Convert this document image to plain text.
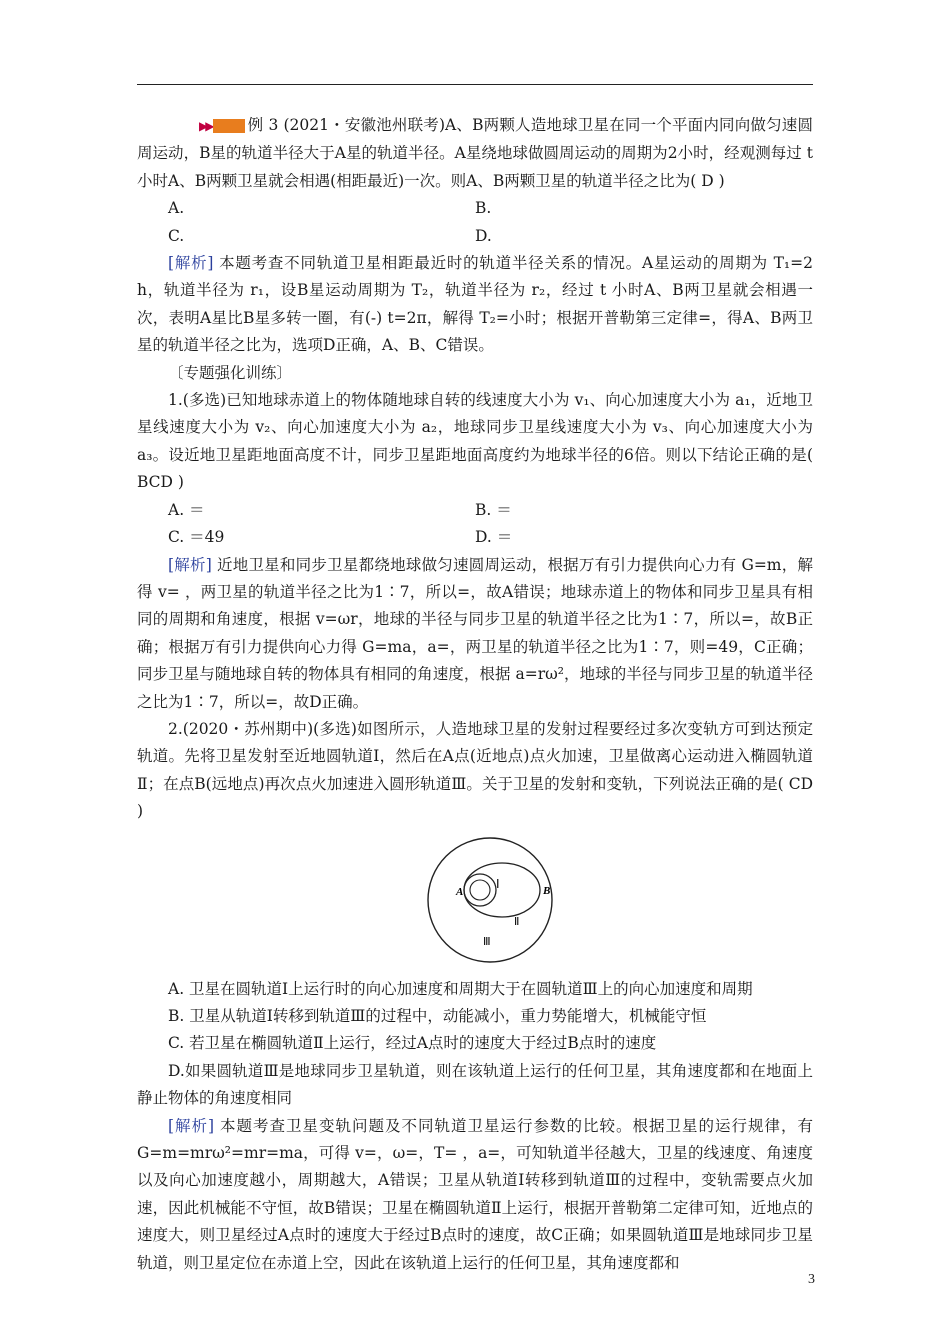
▶▶ 例 3 (2021・安徽池州联考)A、B两颗人造地球卫星在同一个平面内同向做匀速圆周运动，B星的轨道半径大于A星的轨道半径。A星绕地球做圆周运动的周期为2小时，经观测每过 t 小时A、B两颗卫星就会相遇(相距最近)一次。则A、B两颗卫星的轨道半径之比为( D )

A.	B.
C.	D.

[解析] 本题考查不同轨道卫星相距最近时的轨道半径关系的情况。A星运动的周期为 T₁=2 h，轨道半径为 r₁，设B星运动周期为 T₂，轨道半径为 r₂，经过 t 小时A、B两卫星就会相遇一次，表明A星比B星多转一圈，有(-) t=2π，解得 T₂=小时；根据开普勒第三定律=，得A、B两卫星的轨道半径之比为，选项D正确，A、B、C错误。

〔专题强化训练〕

1.(多选)已知地球赤道上的物体随地球自转的线速度大小为 v₁、向心加速度大小为 a₁，近地卫星线速度大小为 v₂、向心加速度大小为 a₂，地球同步卫星线速度大小为 v₃、向心加速度大小为 a₃。设近地卫星距地面高度不计，同步卫星距地面高度约为地球半径的6倍。则以下结论正确的是( BCD )

A. ＝	B. ＝
C. ＝49	D. ＝

[解析] 近地卫星和同步卫星都绕地球做匀速圆周运动，根据万有引力提供向心力有 G=m，解得 v= ，两卫星的轨道半径之比为1∶7，所以=，故A错误；地球赤道上的物体和同步卫星具有相同的周期和角速度，根据 v=ωr，地球的半径与同步卫星的轨道半径之比为1∶7，所以=，故B正确；根据万有引力提供向心力得 G=ma，a=，两卫星的轨道半径之比为1∶7，则=49，C正确；同步卫星与随地球自转的物体具有相同的角速度，根据 a=rω²，地球的半径与同步卫星的轨道半径之比为1∶7，所以=，故D正确。

2.(2020・苏州期中)(多选)如图所示，人造地球卫星的发射过程要经过多次变轨方可到达预定轨道。先将卫星发射至近地圆轨道Ⅰ，然后在A点(近地点)点火加速，卫星做离心运动进入椭圆轨道Ⅱ；在点B(远地点)再次点火加速进入圆形轨道Ⅲ。关于卫星的发射和变轨，下列说法正确的是( CD )

A	B
Ⅰ
Ⅱ
Ⅲ

A. 卫星在圆轨道Ⅰ上运行时的向心加速度和周期大于在圆轨道Ⅲ上的向心加速度和周期

B. 卫星从轨道Ⅰ转移到轨道Ⅲ的过程中，动能减小，重力势能增大，机械能守恒

C. 若卫星在椭圆轨道Ⅱ上运行，经过A点时的速度大于经过B点时的速度

D.如果圆轨道Ⅲ是地球同步卫星轨道，则在该轨道上运行的任何卫星，其角速度都和在地面上静止物体的角速度相同

[解析] 本题考查卫星变轨问题及不同轨道卫星运行参数的比较。根据卫星的运行规律，有 G=m=mrω²=mr=ma，可得 v=，ω=，T= ，a=，可知轨道半径越大，卫星的线速度、角速度以及向心加速度越小，周期越大，A错误；卫星从轨道Ⅰ转移到轨道Ⅲ的过程中，变轨需要点火加速，因此机械能不守恒，故B错误；卫星在椭圆轨道Ⅱ上运行，根据开普勒第二定律可知，近地点的速度大，则卫星经过A点时的速度大于经过B点时的速度，故C正确；如果圆轨道Ⅲ是地球同步卫星轨道，则卫星定位在赤道上空，因此在该轨道上运行的任何卫星，其角速度都和

3
